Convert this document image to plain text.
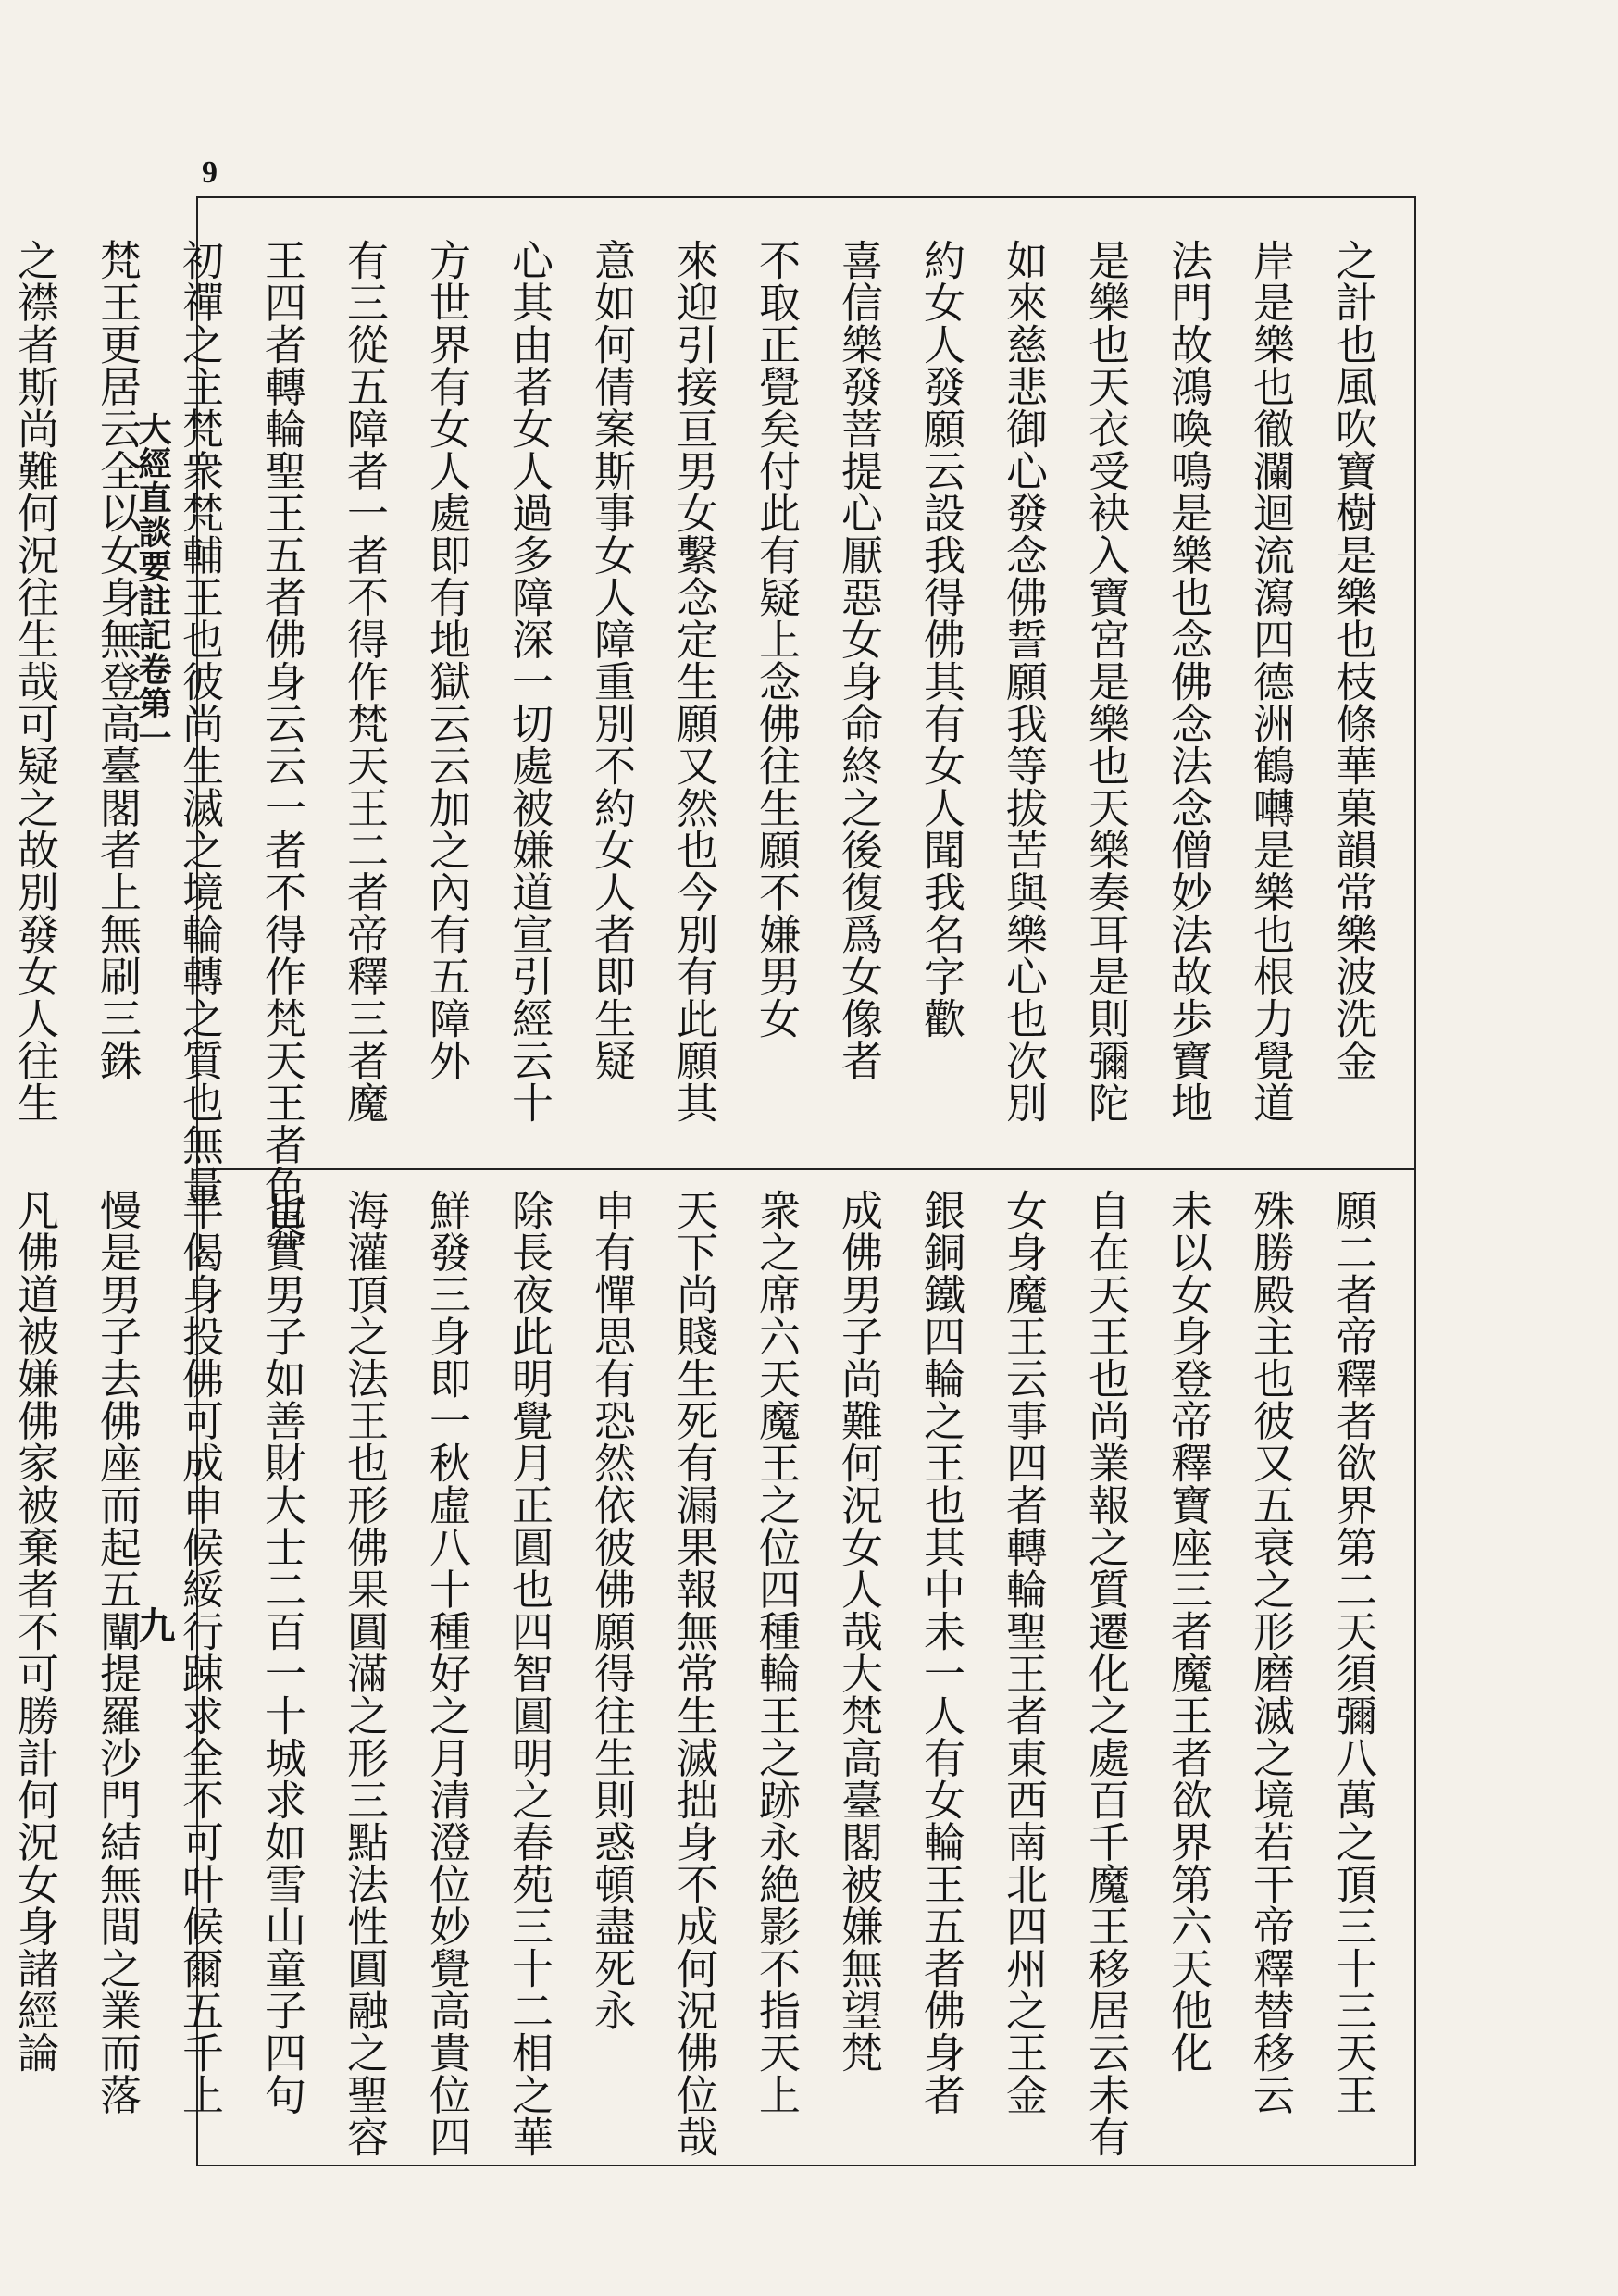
9
大經直談要註記卷第一
九
之計也風吹寶樹是樂也枝條華菓韻常樂波洗金
岸是樂也徹瀾迴流瀉四德洲鶴囀是樂也根力覺道
法門故鴻喚鳴是樂也念佛念法念僧妙法故歩寶地
是樂也天衣受袂入寶宮是樂也天樂奏耳是則彌陀
如來慈悲御心發念佛誓願我等拔苦與樂心也次別
約女人發願云設我得佛其有女人聞我名字歡
喜信樂發菩提心厭惡女身命終之後復爲女像者
不取正覺矣付此有疑上念佛往生願不嫌男女
來迎引接亘男女繫念定生願又然也今別有此願其
意如何倩案斯事女人障重別不約女人者即生疑
心其由者女人過多障深一切處被嫌道宣引經云十
方世界有女人處即有地獄云云加之內有五障外
有三從五障者一者不得作梵天王二者帝釋三者魔
王四者轉輪聖王五者佛身云云一者不得作梵天王者色界
初禪之主梵衆梵輔王也彼尚生滅之境輪轉之質也無量
梵王更居云全以女身無登高臺閣者上無刷三銖
之襟者斯尚難何況往生哉可疑之故別發女人往生
願二者帝釋者欲界第二天須彌八萬之頂三十三天王
殊勝殿主也彼又五衰之形磨滅之境若干帝釋替移云
未以女身登帝釋寶座三者魔王者欲界第六天他化
自在天王也尚業報之質遷化之處百千魔王移居云未有
女身魔王云事四者轉輪聖王者東西南北四州之王金
銀銅鐵四輪之王也其中未一人有女輪王五者佛身者
成佛男子尚難何況女人哉大梵高臺閣被嫌無望梵
衆之席六天魔王之位四種輪王之跡永絶影不指天上
天下尚賤生死有漏果報無常生滅拙身不成何況佛位哉
申有憚思有恐然依彼佛願得往生則惑頓盡死永
除長夜此明覺月正圓也四智圓明之春苑三十二相之華
鮮發三身即一秋虛八十種好之月清澄位妙覺高貴位四
海灌頂之法王也形佛果圓滿之形三點法性圓融之聖容
也實男子如善財大士二百一十城求如雪山童子四句
半偈身投佛可成申候綏行踈求全不可叶候爾五千上
慢是男子去佛座而起五闡提羅沙門結無間之業而落
凡佛道被嫌佛家被棄者不可勝計何況女身諸經論
